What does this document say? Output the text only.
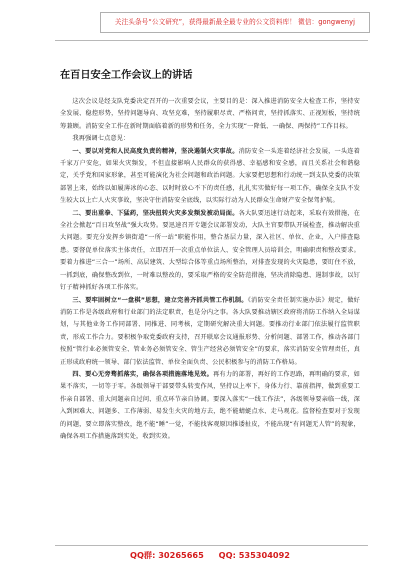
关注头条号“公文研究”，获得最新最全最专业的公文资料库！ 微信：gongwenyj
在百日安全工作会议上的讲话

这次会议是经支队党委决定召开的一次重要会议，主要目的是：深入推进消防安全大检查工作，坚持安全发展、稳控形势，坚持问题导向、攻坚克难，坚持履职尽责、严格问责，坚持抓落实、正视短板，坚持统筹兼顾。消防安全工作在新时期面临着新的形势和任务，全力实现“一降低、一确保、两保持”工作目标。

我再强调七点意见：

一、要以对党和人民高度负责的精神，坚决遏制火灾事故。消防安全一头连着经济社会发展，一头连着千家万户安危，如果火灾频发，不但直接影响人民群众的获得感、幸福感和安全感，而且关系社会和谐稳定，关乎党和国家形象，甚至可能演化为社会问题和政治问题。大家要把思想和行动统一到支队党委的决策部署上来，始终以如履薄冰的心态、以时时放心不下的责任感，扎扎实实做好每一项工作，确保全支队不发生较大以上亡人火灾事故，坚决守住消防安全底线，以实际行动为人民群众生命财产安全保驾护航。

二、要出重拳、下猛药，坚决扭转火灾多发频发被动局面。各大队要迅速行动起来，采取有效措施，在全社会掀起“百日攻坚战”强大攻势。要迅速召开专题会议部署发动，大队主官要带队开展检查，推动解决重大问题。要充分发挥乡镇街道“一所一站”职能作用，整合基层力量，深入社区、单位、企业，入户排查隐患。要督促单位落实主体责任，立即召开一次重点单位法人、安全管理人员培训会，明确职责和整改要求。要着力推进“三合一”场所、高层建筑、大型综合体等重点场所整治，对排查发现的火灾隐患，要盯住不放，一抓到底，确保整改到位，一时难以整改的，要采取严格的安全防范措施，坚决消除隐患、遏制事故，以钉钉子精神抓好各项工作落实。

三、要牢固树立“一盘棋”思想，建立完善齐抓共管工作机制。《消防安全责任制实施办法》规定，做好消防工作是各级政府和行业部门的法定职责，也是分内之事。各大队要推动辖区政府将消防工作纳入全局谋划，与其他业务工作同部署、同推进、同考核，定期研究解决重大问题。要推动行业部门依法履行监管职责，形成工作合力。要积极争取党委政府支持，召开联席会议通报形势、分析问题、部署工作，推动各部门按照“管行业必须管安全、管业务必须管安全、管生产经营必须管安全”的要求，落实消防安全管理责任，真正形成政府统一领导、部门依法监管、单位全面负责、公民积极参与的消防工作格局。

四、要心无旁骛抓落实，确保各项措施落地见效。再有力的部署，再好的工作思路，再明确的要求，如果不落实，一切等于零。各级领导干部要带头转变作风，坚持以上率下，身体力行、靠前指挥，做到重要工作亲自部署、重大问题亲自过问、重点环节亲自协调。要深入落实“一线工作法”，各级领导要亲临一线，深入到困难大、问题多、工作薄弱、易发生火灾的地方去，绝不能蜻蜓点水、走马观花。监督检查要对于发现的问题，要立即落实整改，绝不能“睡”一觉，不能找客观原因推诿扯皮，不能出现“有问题无人管”的现象，确保各项工作措施落到实处，收到实效。

QQ群: 30265665 QQ: 535304092
